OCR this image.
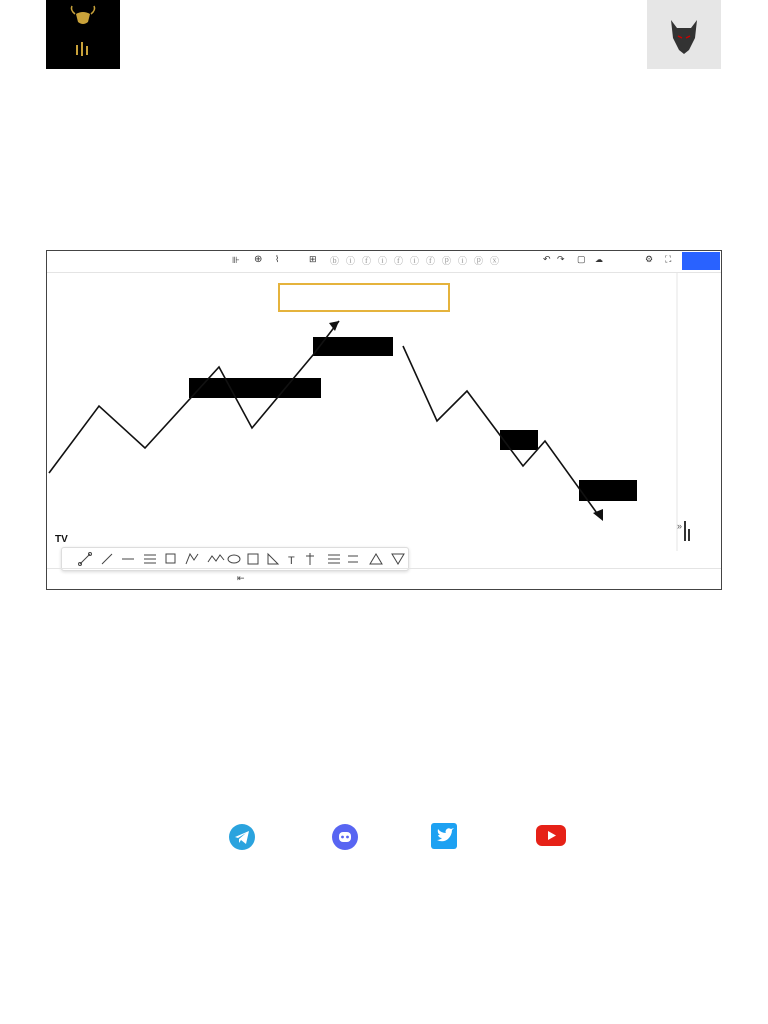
⊪ ⊕ ⌇	⊞ ⓑⓘⓕⓘⓕⓘⓕⓟⓘⓟⓧ	↶ ↷ ▢ ☁	⚙ ⛶
TV
»
T
⇤
